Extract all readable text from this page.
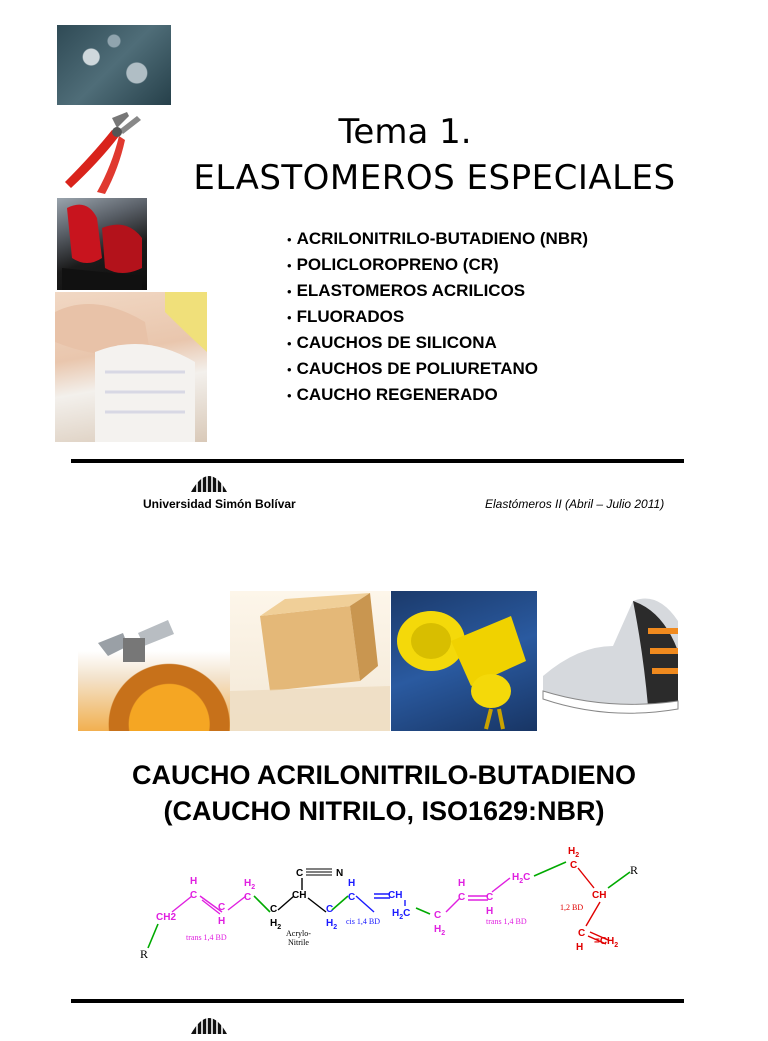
Tema 1.
ELASTOMEROS ESPECIALES
• ACRILONITRILO-BUTADIENO (NBR)
• POLICLOROPRENO (CR)
• ELASTOMEROS ACRILICOS
• FLUORADOS
• CAUCHOS DE SILICONA
• CAUCHOS DE POLIURETANO
• CAUCHO REGENERADO
Universidad Simón Bolívar	Elastómeros II (Abril – Julio 2011)
CAUCHO ACRILONITRILO-BUTADIENO
(CAUCHO NITRILO, ISO1629:NBR)
R
CH2
H
C
C
H
$H_2$
C
trans 1,4 BD
C	N
CH
C
$H_2$
Acrylo-
Nitrile
C
$H_2$
H
C	CH
$H_2C$
cis 1,4 BD
C
$H_2$
H
C C
H
$H_2C$
trans 1,4 BD
$H_2$
C
CH
1,2 BD
C
H
$=CH_2$
R
